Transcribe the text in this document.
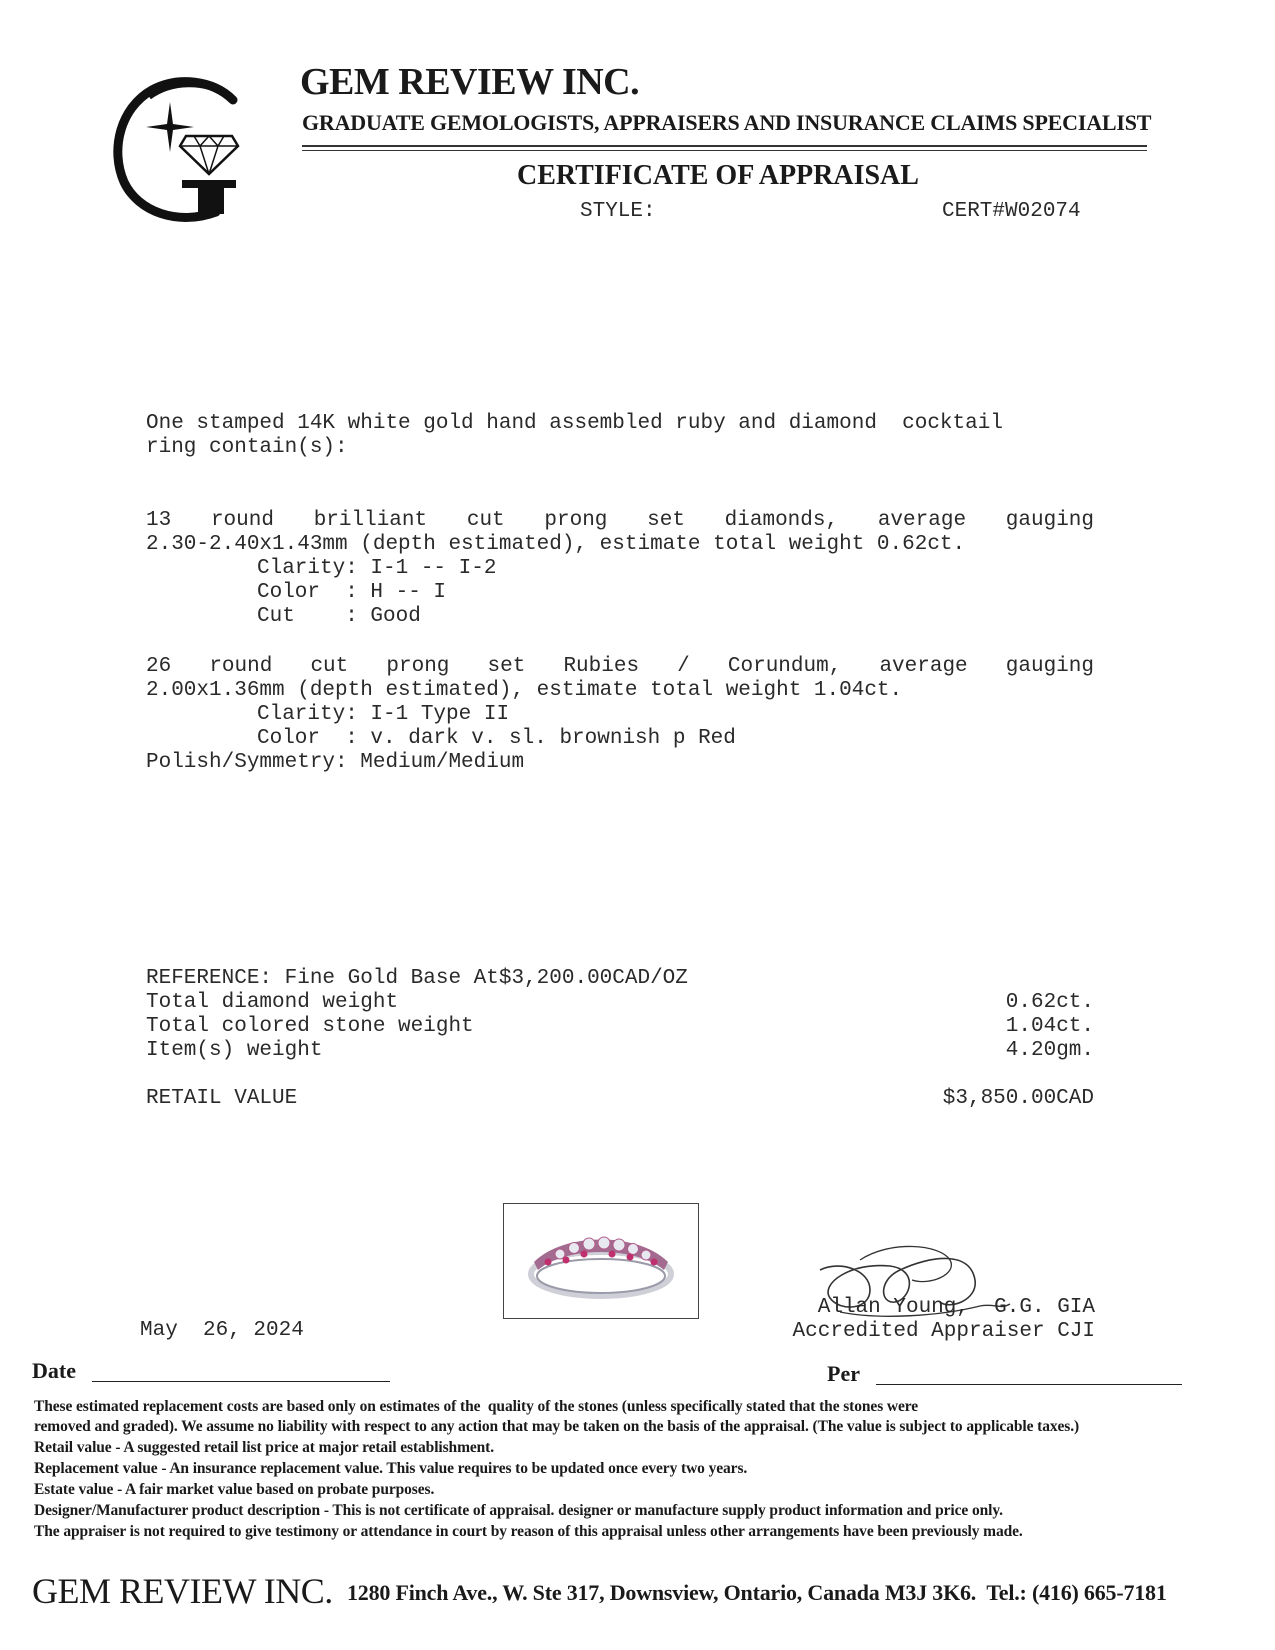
GEM REVIEW INC.
GRADUATE GEMOLOGISTS, APPRAISERS AND INSURANCE CLAIMS SPECIALIST
CERTIFICATE OF APPRAISAL
STYLE:	CERT#W02074
One stamped 14K white gold hand assembled ruby and diamond  cocktail
ring contain(s):
13 round brilliant cut prong set diamonds, average gauging
2.30-2.40x1.43mm (depth estimated), estimate total weight 0.62ct.
Clarity: I-1 -- I-2
Color  : H -- I
Cut    : Good
26 round cut prong set Rubies / Corundum, average gauging
2.00x1.36mm (depth estimated), estimate total weight 1.04ct.
Clarity: I-1 Type II
Color  : v. dark v. sl. brownish p Red
Polish/Symmetry: Medium/Medium
REFERENCE: Fine Gold Base At$3,200.00CAD/OZ
Total diamond weight	0.62ct.
Total colored stone weight	1.04ct.
Item(s) weight	4.20gm.
RETAIL VALUE	$3,850.00CAD
May  26, 2024
Allan Young,  G.G. GIA
Accredited Appraiser CJI
Date	Per
These estimated replacement costs are based only on estimates of the  quality of the stones (unless specifically stated that the stones were
removed and graded). We assume no liability with respect to any action that may be taken on the basis of the appraisal. (The value is subject to applicable taxes.)
Retail value - A suggested retail list price at major retail establishment.
Replacement value - An insurance replacement value. This value requires to be updated once every two years.
Estate value - A fair market value based on probate purposes.
Designer/Manufacturer product description - This is not certificate of appraisal. designer or manufacture supply product information and price only.
The appraiser is not required to give testimony or attendance in court by reason of this appraisal unless other arrangements have been previously made.
GEM REVIEW INC. 1280 Finch Ave., W. Ste 317, Downsview, Ontario, Canada M3J 3K6.  Tel.: (416) 665-7181
